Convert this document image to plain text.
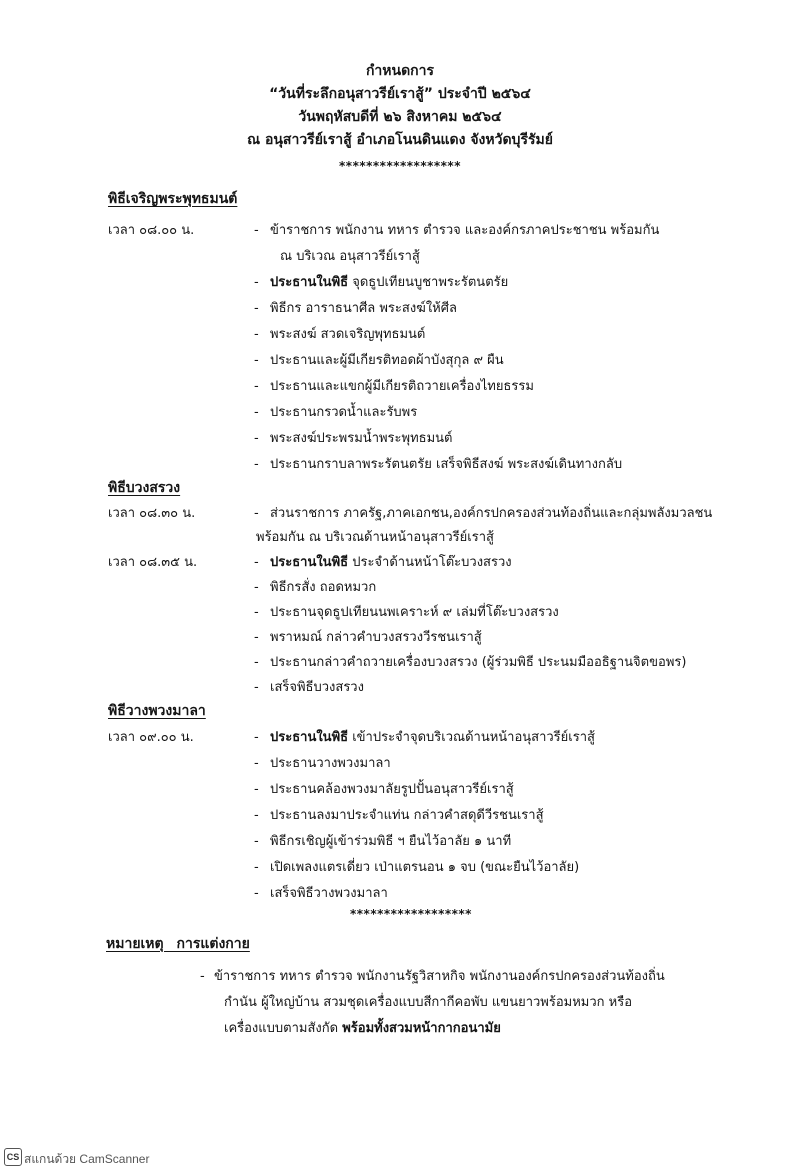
กำหนดการ
“วันที่ระลึกอนุสาวรีย์เราสู้” ประจำปี ๒๕๖๔
วันพฤหัสบดีที่ ๒๖ สิงหาคม ๒๕๖๔
ณ อนุสาวรีย์เราสู้ อำเภอโนนดินแดง จังหวัดบุรีรัมย์
******************
พิธีเจริญพระพุทธมนต์
เวลา ๐๘.๐๐ น.	- ข้าราชการ พนักงาน ทหาร ตำรวจ และองค์กรภาคประชาชน พร้อมกัน
ณ บริเวณ อนุสาวรีย์เราสู้
- ประธานในพิธี จุดธูปเทียนบูชาพระรัตนตรัย
- พิธีกร อาราธนาศีล พระสงฆ์ให้ศีล
- พระสงฆ์ สวดเจริญพุทธมนต์
- ประธานและผู้มีเกียรติทอดผ้าบังสุกุล ๙ ผืน
- ประธานและแขกผู้มีเกียรติถวายเครื่องไทยธรรม
- ประธานกรวดน้ำและรับพร
- พระสงฆ์ประพรมน้ำพระพุทธมนต์
- ประธานกราบลาพระรัตนตรัย เสร็จพิธีสงฆ์ พระสงฆ์เดินทางกลับ
พิธีบวงสรวง
เวลา ๐๘.๓๐ น.	- ส่วนราชการ ภาครัฐ,ภาคเอกชน,องค์กรปกครองส่วนท้องถิ่นและกลุ่มพลังมวลชน
พร้อมกัน ณ บริเวณด้านหน้าอนุสาวรีย์เราสู้
เวลา ๐๘.๓๕ น.	- ประธานในพิธี ประจำด้านหน้าโต๊ะบวงสรวง
- พิธีกรสั่ง ถอดหมวก
- ประธานจุดธูปเทียนนพเคราะห์ ๙ เล่มที่โต๊ะบวงสรวง
- พราหมณ์ กล่าวคำบวงสรวงวีรชนเราสู้
- ประธานกล่าวคำถวายเครื่องบวงสรวง (ผู้ร่วมพิธี ประนมมืออธิฐานจิตขอพร)
- เสร็จพิธีบวงสรวง
พิธีวางพวงมาลา
เวลา ๐๙.๐๐ น.	- ประธานในพิธี เข้าประจำจุดบริเวณด้านหน้าอนุสาวรีย์เราสู้
- ประธานวางพวงมาลา
- ประธานคล้องพวงมาลัยรูปปั้นอนุสาวรีย์เราสู้
- ประธานลงมาประจำแท่น กล่าวคำสดุดีวีรชนเราสู้
- พิธีกรเชิญผู้เข้าร่วมพิธี ฯ ยืนไว้อาลัย ๑ นาที
- เปิดเพลงแตรเดี่ยว เป่าแตรนอน ๑ จบ (ขณะยืนไว้อาลัย)
- เสร็จพิธีวางพวงมาลา
******************
หมายเหตุ การแต่งกาย
- ข้าราชการ ทหาร ตำรวจ พนักงานรัฐวิสาหกิจ พนักงานองค์กรปกครองส่วนท้องถิ่น
กำนัน ผู้ใหญ่บ้าน สวมชุดเครื่องแบบสีกากีคอพับ แขนยาวพร้อมหมวก หรือ
เครื่องแบบตามสังกัด พร้อมทั้งสวมหน้ากากอนามัย
CS สแกนด้วย CamScanner
